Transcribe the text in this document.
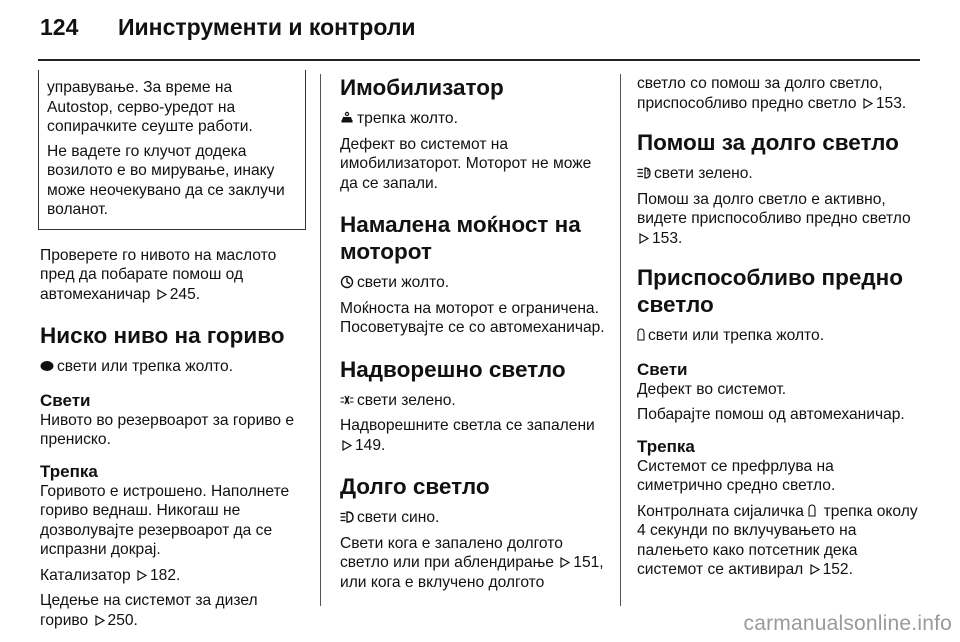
124	Иинструменти и контроли

управување. За време на Autostop, серво-уредот на сопирачките сеуште работи.

Не вадете го клучот додека возилото е во мирување, инаку може неочекувано да се заклучи воланот.

Проверете го нивото на маслото пред да побарате помош од автомеханичар 245.

Ниско ниво на гориво

свети или трепка жолто.

Свети

Нивото во резервоарот за гориво е прениско.

Трепка

Горивото е истрошено. Наполнете гориво веднаш. Никогаш не дозволувајте резервоарот да се испразни докрај.

Катализатор 182.

Цедење на системот за дизел гориво 250.

Имобилизатор

трепка жолто.

Дефект во системот на имобилизаторот. Моторот не може да се запали.

Намалена моќност на моторот

свети жолто.

Моќноста на моторот е ограничена. Посоветувајте се со автомеханичар.

Надворешно светло

свети зелено.

Надворешните светла се запалени
149.

Долго светло

свети сино.

Свети кога е запалено долгото светло или при аблендирање 151, или кога е вклучено долгото

светло со помош за долго светло, приспособливо предно светло 153.

Помош за долго светло

свети зелено.

Помош за долго светло е активно, видете приспособливо предно светло
153.

Приспособливо предно светло

свети или трепка жолто.

Свети

Дефект во системот.

Побарајте помош од автомеханичар.

Трепка

Системот се префрлува на симетрично средно светло.

Контролната сијаличка трепка околу 4 секунди по вклучувањето на палењето како потсетник дека системот се активирал 152.

carmanualsonline.info
